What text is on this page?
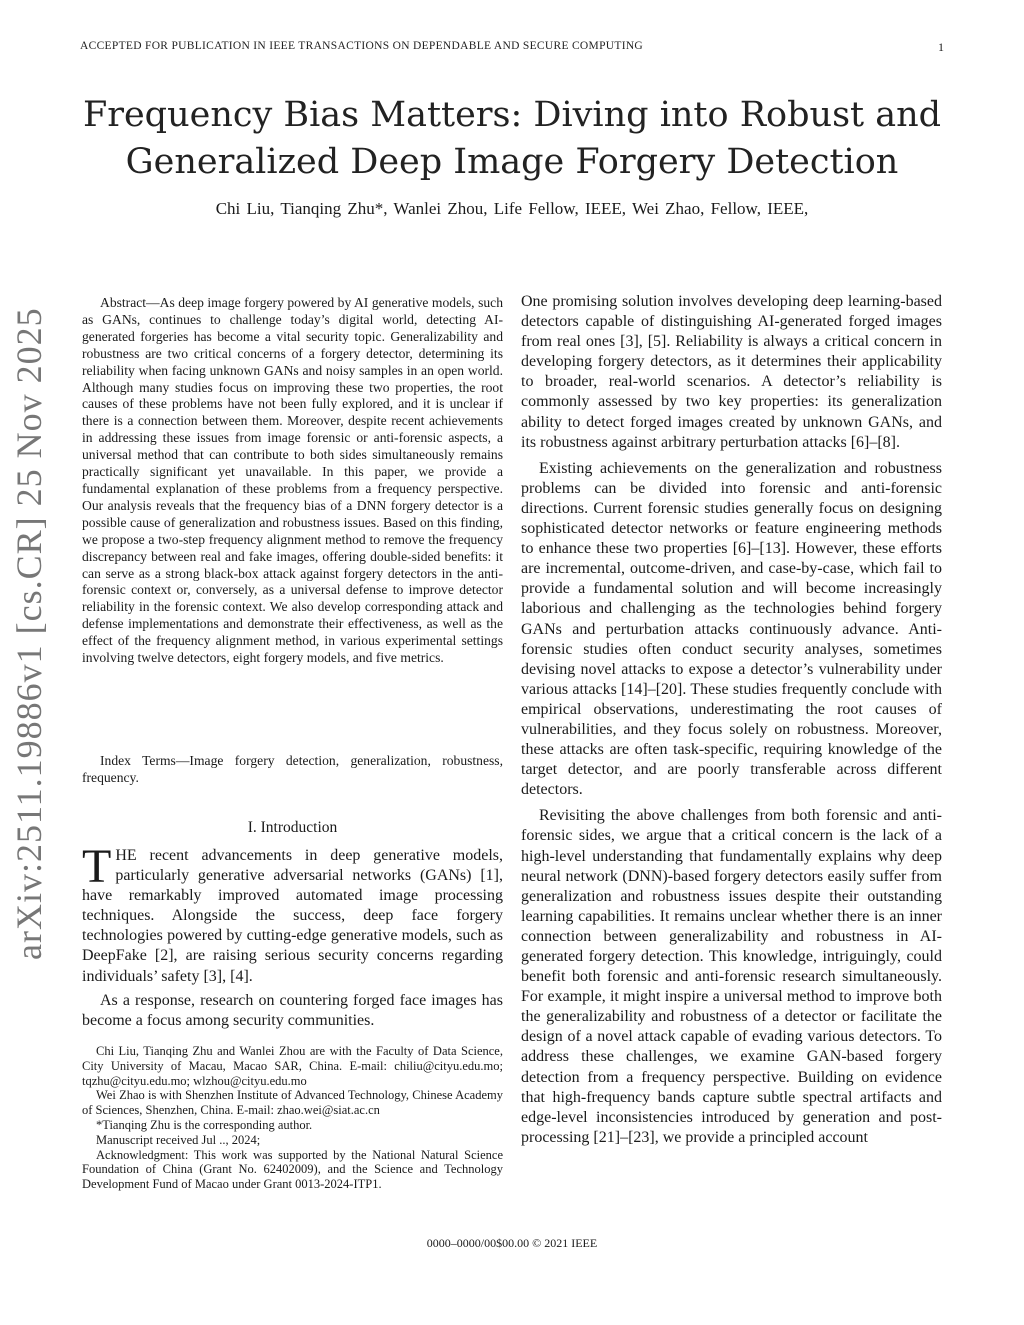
ACCEPTED FOR PUBLICATION IN IEEE TRANSACTIONS ON DEPENDABLE AND SECURE COMPUTING	1
arXiv:2511.19886v1 [cs.CR] 25 Nov 2025
Frequency Bias Matters: Diving into Robust and
Generalized Deep Image Forgery Detection
Chi Liu, Tianqing Zhu*, Wanlei Zhou, Life Fellow, IEEE, Wei Zhao, Fellow, IEEE,

Abstract—As deep image forgery powered by AI generative models, such as GANs, continues to challenge today’s digital world, detecting AI-generated forgeries has become a vital security topic. Generalizability and robustness are two critical concerns of a forgery detector, determining its reliability when facing unknown GANs and noisy samples in an open world. Although many studies focus on improving these two properties, the root causes of these problems have not been fully explored, and it is unclear if there is a connection between them. Moreover, despite recent achievements in addressing these issues from image forensic or anti-forensic aspects, a universal method that can contribute to both sides simultaneously remains practically significant yet unavailable. In this paper, we provide a fundamental explanation of these problems from a frequency perspective. Our analysis reveals that the frequency bias of a DNN forgery detector is a possible cause of generalization and robustness issues. Based on this finding, we propose a two-step frequency alignment method to remove the frequency discrepancy between real and fake images, offering double-sided benefits: it can serve as a strong black-box attack against forgery detectors in the anti-forensic context or, conversely, as a universal defense to improve detector reliability in the forensic context. We also develop corresponding attack and defense implementations and demonstrate their effectiveness, as well as the effect of the frequency alignment method, in various experimental settings involving twelve detectors, eight forgery models, and five metrics.

Index Terms—Image forgery detection, generalization, robustness, frequency.

I. Introduction

THE recent advancements in deep generative models, particularly generative adversarial networks (GANs) [1], have remarkably improved automated image processing techniques. Alongside the success, deep face forgery technologies powered by cutting-edge generative models, such as DeepFake [2], are raising serious security concerns regarding individuals’ safety [3], [4].

As a response, research on countering forged face images has become a focus among security communities.

Chi Liu, Tianqing Zhu and Wanlei Zhou are with the Faculty of Data Science, City University of Macau, Macao SAR, China. E-mail: chiliu@cityu.edu.mo; tqzhu@cityu.edu.mo; wlzhou@cityu.edu.mo

Wei Zhao is with Shenzhen Institute of Advanced Technology, Chinese Academy of Sciences, Shenzhen, China. E-mail: zhao.wei@siat.ac.cn

*Tianqing Zhu is the corresponding author.

Manuscript received Jul .., 2024;

Acknowledgment: This work was supported by the National Natural Science Foundation of China (Grant No. 62402009), and the Science and Technology Development Fund of Macao under Grant 0013-2024-ITP1.

One promising solution involves developing deep learning-based detectors capable of distinguishing AI-generated forged images from real ones [3], [5]. Reliability is always a critical concern in developing forgery detectors, as it determines their applicability to broader, real-world scenarios. A detector’s reliability is commonly assessed by two key properties: its generalization ability to detect forged images created by unknown GANs, and its robustness against arbitrary perturbation attacks [6]–[8].

Existing achievements on the generalization and robustness problems can be divided into forensic and anti-forensic directions. Current forensic studies generally focus on designing sophisticated detector networks or feature engineering methods to enhance these two properties [6]–[13]. However, these efforts are incremental, outcome-driven, and case-by-case, which fail to provide a fundamental solution and will become increasingly laborious and challenging as the technologies behind forgery GANs and perturbation attacks continuously advance. Anti-forensic studies often conduct security analyses, sometimes devising novel attacks to expose a detector’s vulnerability under various attacks [14]–[20]. These studies frequently conclude with empirical observations, underestimating the root causes of vulnerabilities, and they focus solely on robustness. Moreover, these attacks are often task-specific, requiring knowledge of the target detector, and are poorly transferable across different detectors.

Revisiting the above challenges from both forensic and anti-forensic sides, we argue that a critical concern is the lack of a high-level understanding that fundamentally explains why deep neural network (DNN)-based forgery detectors easily suffer from generalization and robustness issues despite their outstanding learning capabilities. It remains unclear whether there is an inner connection between generalizability and robustness in AI-generated forgery detection. This knowledge, intriguingly, could benefit both forensic and anti-forensic research simultaneously. For example, it might inspire a universal method to improve both the generalizability and robustness of a detector or facilitate the design of a novel attack capable of evading various detectors. To address these challenges, we examine GAN-based forgery detection from a frequency perspective. Building on evidence that high-frequency bands capture subtle spectral artifacts and edge-level inconsistencies introduced by generation and post-processing [21]–[23], we provide a principled account

0000–0000/00$00.00 © 2021 IEEE
